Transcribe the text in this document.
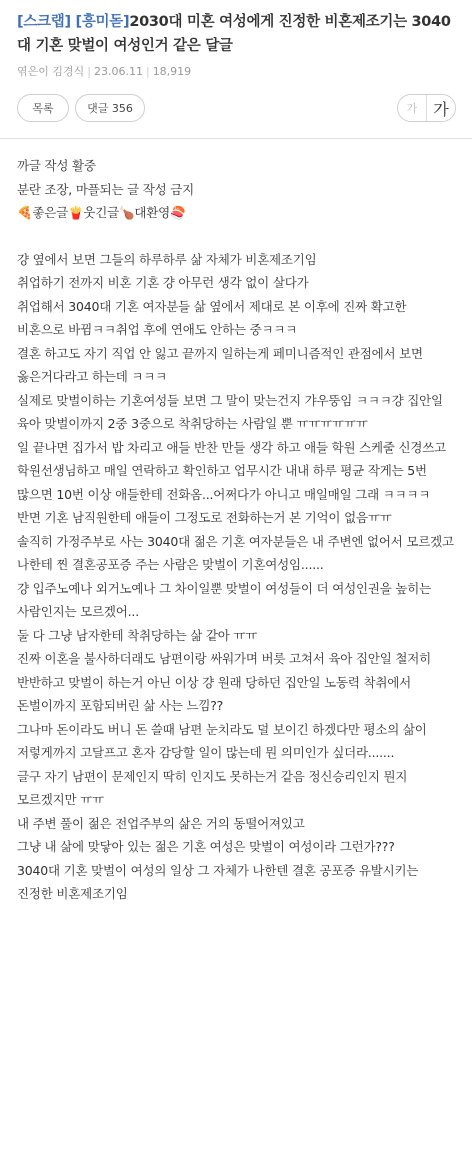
[스크랩] [흥미돋]2030대 미혼 여성에게 진정한 비혼제조기는 3040대 기혼 맞벌이 여성인거 같은 달글
엮은이 김경식 | 23.06.11 | 18,919
목록	댓글 356	가 가

까글 작성 활중

분란 조장, 마플되는 글 작성 금지

🍕좋은글🍟웃긴글🍗대환영🍣

걍 옆에서 보면 그들의 하루하루 삶 자체가 비혼제조기임

취업하기 전까지 비혼 기혼 걍 아무런 생각 없이 살다가

취업해서 3040대 기혼 여자분들 삶 옆에서 제대로 본 이후에 진짜 확고한 비혼으로 바뀜ㅋㅋ취업 후에 연애도 안하는 중ㅋㅋㅋ

결혼 하고도 자기 직업 안 잃고 끝까지 일하는게 페미니즘적인 관점에서 보면 옳은거다라고 하는데 ㅋㅋㅋ

실제로 맞벌이하는 기혼여성들 보면 그 말이 맞는건지 갸우뚱임 ㅋㅋㅋ걍 집안일 육아 맞벌이까지 2중 3중으로 착취당하는 사람일 뿐 ㅠㅠㅠㅠㅠㅠ

일 끝나면 집가서 밥 차리고 애들 반찬 만들 생각 하고 애들 학원 스케줄 신경쓰고 학원선생님하고 매일 연락하고 확인하고 업무시간 내내 하루 평균 작게는 5번 많으면 10번 이상 애들한테 전화옴...어쩌다가 아니고 매일매일 그래 ㅋㅋㅋㅋ

반면 기혼 남직원한테 애들이 그정도로 전화하는거 본 기억이 없음ㅠㅠ

솔직히 가정주부로 사는 3040대 젊은 기혼 여자분들은 내 주변엔 없어서 모르겠고 나한테 찐 결혼공포증 주는 사람은 맞벌이 기혼여성임......

걍 입주노예나 외거노예나 그 차이일뿐 맞벌이 여성들이 더 여성인권을 높히는 사람인지는 모르겠어...

둘 다 그냥 남자한테 착취당하는 삶 같아 ㅠㅠ

진짜 이혼을 불사하더래도 남편이랑 싸워가며 버릇 고쳐서 육아 집안일 철저히 반반하고 맞벌이 하는거 아닌 이상 걍 원래 당하던 집안일 노동력 착취에서 돈벌이까지 포함되버린 삶 사는 느낌??

그나마 돈이라도 버니 돈 쓸때 남편 눈치라도 덜 보이긴 하겠다만 평소의 삶이 저렇게까지 고달프고 혼자 감당할 일이 많는데 뭔 의미인가 싶더라.......

글구 자기 남편이 문제인지 딱히 인지도 못하는거 같음 정신승리인지 뭔지 모르겠지만 ㅠㅠ

내 주변 풀이 젊은 전업주부의 삶은 거의 동떨어져있고

그냥 내 삶에 맞닿아 있는 젊은 기혼 여성은 맞벌이 여성이라 그런가???

3040대 기혼 맞벌이 여성의 일상 그 자체가 나한텐 결혼 공포증 유발시키는 진정한 비혼제조기임
